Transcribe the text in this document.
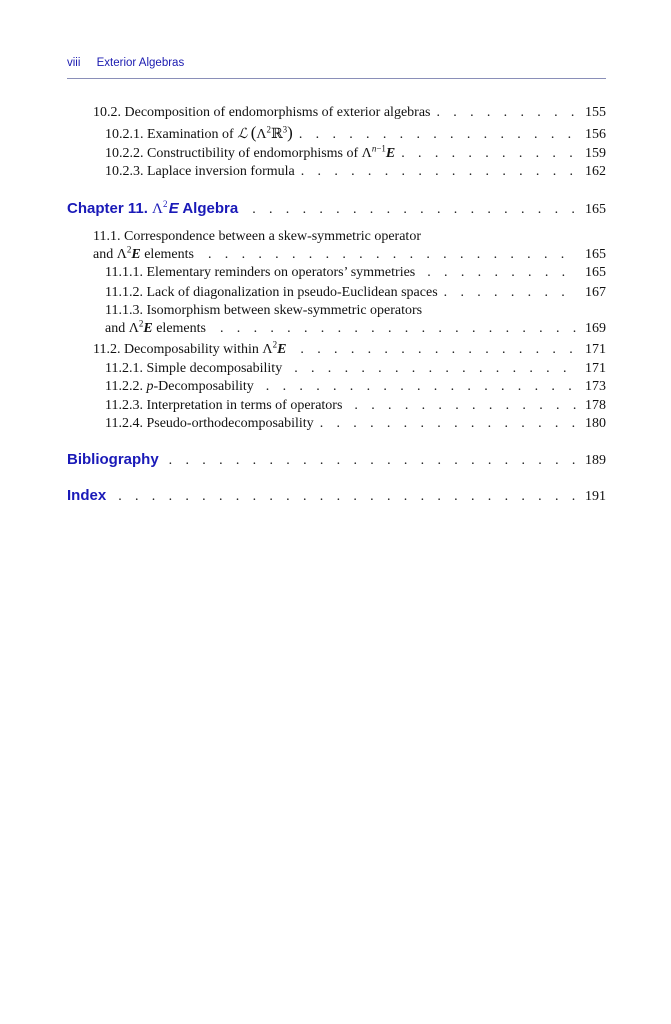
viii Exterior Algebras
10.2. Decomposition of endomorphisms of exterior algebras . . .	155
10.2.1. Examination of ℒ $(\Lambda^2ℝ^3)$ . . .	156
10.2.2. Constructibility of endomorphisms of $\Lambda^{n-1}E$ . . .	159
10.2.3. Laplace inversion formula . . .	162
Chapter 11. $\Lambda^2$ E Algebra . . .	165
11.1. Correspondence between a skew-symmetric operator
and $\Lambda^2E$ elements . . .	165
11.1.1. Elementary reminders on operators’ symmetries . . .	165
11.1.2. Lack of diagonalization in pseudo-Euclidean spaces . . .	167
11.1.3. Isomorphism between skew-symmetric operators
and $\Lambda^2E$ elements . . .	169
11.2. Decomposability within $\Lambda^2E$ . . .	171
11.2.1. Simple decomposability . . .	171
11.2.2. p-Decomposability . . .	173
11.2.3. Interpretation in terms of operators . . .	178
11.2.4. Pseudo-orthodecomposability . . .	180
Bibliography . . .	189
Index . . .	191
